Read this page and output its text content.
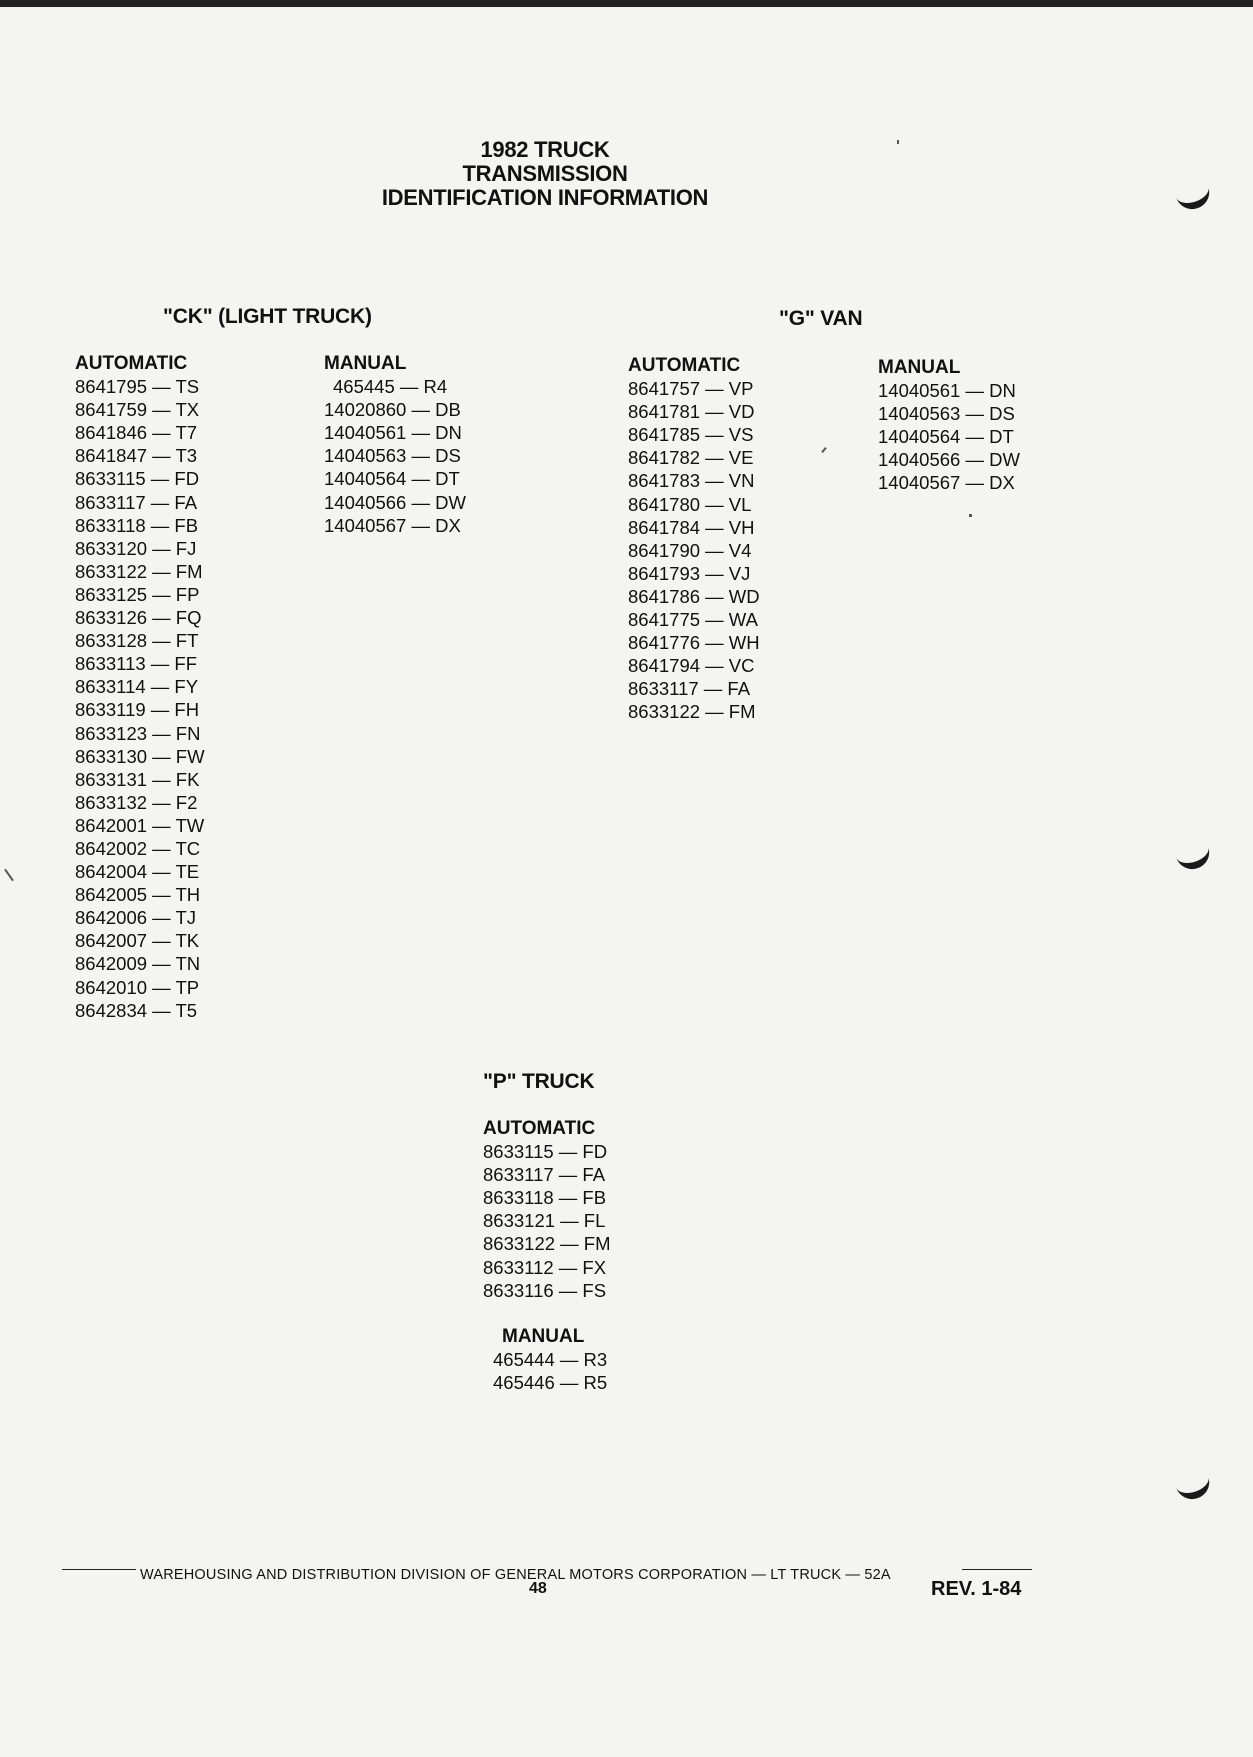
1982 TRUCK
TRANSMISSION
IDENTIFICATION INFORMATION
"CK" (LIGHT TRUCK)	"G" VAN
AUTOMATIC
8641795 — TS
8641759 — TX
8641846 — T7
8641847 — T3
8633115 — FD
8633117 — FA
8633118 — FB
8633120 — FJ
8633122 — FM
8633125 — FP
8633126 — FQ
8633128 — FT
8633113 — FF
8633114 — FY
8633119 — FH
8633123 — FN
8633130 — FW
8633131 — FK
8633132 — F2
8642001 — TW
8642002 — TC
8642004 — TE
8642005 — TH
8642006 — TJ
8642007 — TK
8642009 — TN
8642010 — TP
8642834 — T5
MANUAL
465445 — R4
14020860 — DB
14040561 — DN
14040563 — DS
14040564 — DT
14040566 — DW
14040567 — DX
AUTOMATIC
8641757 — VP
8641781 — VD
8641785 — VS
8641782 — VE
8641783 — VN
8641780 — VL
8641784 — VH
8641790 — V4
8641793 — VJ
8641786 — WD
8641775 — WA
8641776 — WH
8641794 — VC
8633117 — FA
8633122 — FM
MANUAL
14040561 — DN
14040563 — DS
14040564 — DT
14040566 — DW
14040567 — DX
"P" TRUCK
AUTOMATIC
8633115 — FD
8633117 — FA
8633118 — FB
8633121 — FL
8633122 — FM
8633112 — FX
8633116 — FS
MANUAL
465444 — R3
465446 — R5
WAREHOUSING AND DISTRIBUTION DIVISION OF GENERAL MOTORS CORPORATION — LT TRUCK — 52A
48	REV. 1-84
